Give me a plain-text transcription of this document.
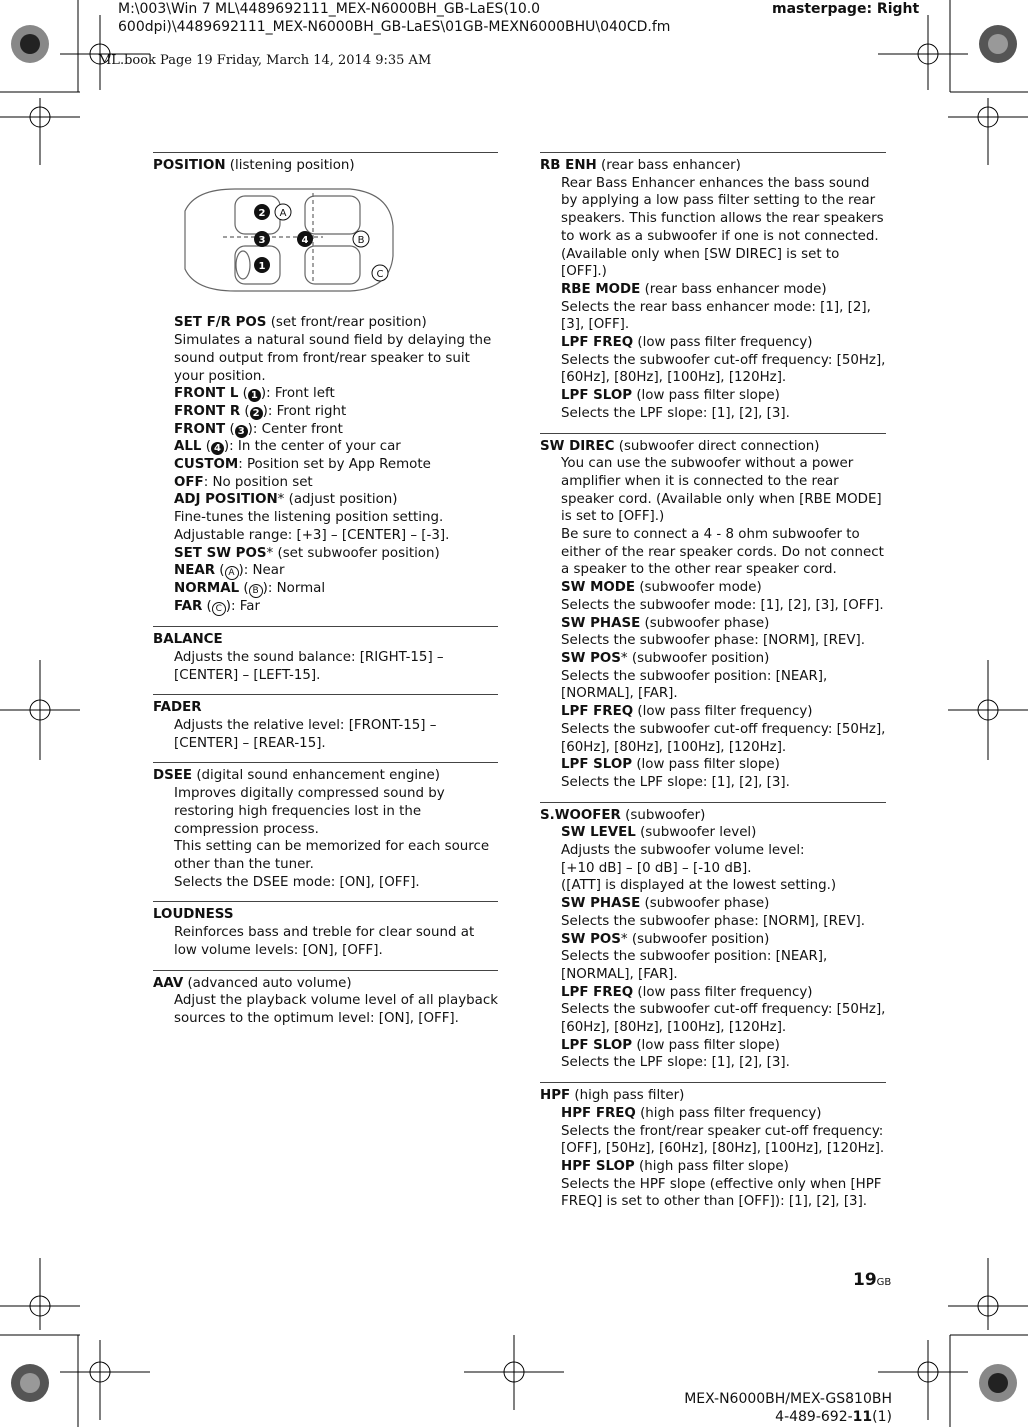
M:\003\Win 7 ML\4489692111_MEX-N6000BH_GB-LaES(10.0 600dpi)\4489692111_MEX-N6000BH_GB-LaES\01GB-MEXN6000BHU\040CD.fm
masterpage: Right
ML.book Page 19 Friday, March 14, 2014 9:35 AM
POSITION (listening position)
2 A
3	4	B
1
C
SET F/R POS (set front/rear position)
Simulates a natural sound field by delaying the sound output from front/rear speaker to suit your position.
FRONT L ( 1 ): Front left
FRONT R ( 2 ): Front right
FRONT ( 3 ): Center front
ALL ( 4 ): In the center of your car
CUSTOM: Position set by App Remote
OFF: No position set
ADJ POSITION* (adjust position)
Fine-tunes the listening position setting.
Adjustable range: [+3] – [CENTER] – [-3].
SET SW POS* (set subwoofer position)
NEAR ( A ): Near
NORMAL ( B ): Normal
FAR ( C ): Far
BALANCE
Adjusts the sound balance: [RIGHT-15] – [CENTER] – [LEFT-15].
FADER
Adjusts the relative level: [FRONT-15] – [CENTER] – [REAR-15].
DSEE (digital sound enhancement engine)
Improves digitally compressed sound by restoring high frequencies lost in the compression process.
This setting can be memorized for each source other than the tuner.
Selects the DSEE mode: [ON], [OFF].
LOUDNESS
Reinforces bass and treble for clear sound at low volume levels: [ON], [OFF].
AAV (advanced auto volume)
Adjust the playback volume level of all playback sources to the optimum level: [ON], [OFF].
RB ENH (rear bass enhancer)
Rear Bass Enhancer enhances the bass sound by applying a low pass filter setting to the rear speakers. This function allows the rear speakers to work as a subwoofer if one is not connected. (Available only when [SW DIREC] is set to [OFF].)
RBE MODE (rear bass enhancer mode)
Selects the rear bass enhancer mode: [1], [2], [3], [OFF].
LPF FREQ (low pass filter frequency)
Selects the subwoofer cut-off frequency: [50Hz], [60Hz], [80Hz], [100Hz], [120Hz].
LPF SLOP (low pass filter slope)
Selects the LPF slope: [1], [2], [3].
SW DIREC (subwoofer direct connection)
You can use the subwoofer without a power amplifier when it is connected to the rear speaker cord. (Available only when [RBE MODE] is set to [OFF].)
Be sure to connect a 4 - 8 ohm subwoofer to either of the rear speaker cords. Do not connect a speaker to the other rear speaker cord.
SW MODE (subwoofer mode)
Selects the subwoofer mode: [1], [2], [3], [OFF].
SW PHASE (subwoofer phase)
Selects the subwoofer phase: [NORM], [REV].
SW POS* (subwoofer position)
Selects the subwoofer position: [NEAR], [NORMAL], [FAR].
LPF FREQ (low pass filter frequency)
Selects the subwoofer cut-off frequency: [50Hz], [60Hz], [80Hz], [100Hz], [120Hz].
LPF SLOP (low pass filter slope)
Selects the LPF slope: [1], [2], [3].
S.WOOFER (subwoofer)
SW LEVEL (subwoofer level)
Adjusts the subwoofer volume level:
[+10 dB] – [0 dB] – [-10 dB].
([ATT] is displayed at the lowest setting.)
SW PHASE (subwoofer phase)
Selects the subwoofer phase: [NORM], [REV].
SW POS* (subwoofer position)
Selects the subwoofer position: [NEAR], [NORMAL], [FAR].
LPF FREQ (low pass filter frequency)
Selects the subwoofer cut-off frequency: [50Hz], [60Hz], [80Hz], [100Hz], [120Hz].
LPF SLOP (low pass filter slope)
Selects the LPF slope: [1], [2], [3].
HPF (high pass filter)
HPF FREQ (high pass filter frequency)
Selects the front/rear speaker cut-off frequency: [OFF], [50Hz], [60Hz], [80Hz], [100Hz], [120Hz].
HPF SLOP (high pass filter slope)
Selects the HPF slope (effective only when [HPF FREQ] is set to other than [OFF]): [1], [2], [3].
19GB
MEX-N6000BH/MEX-GS810BH
4-489-692-11(1)
